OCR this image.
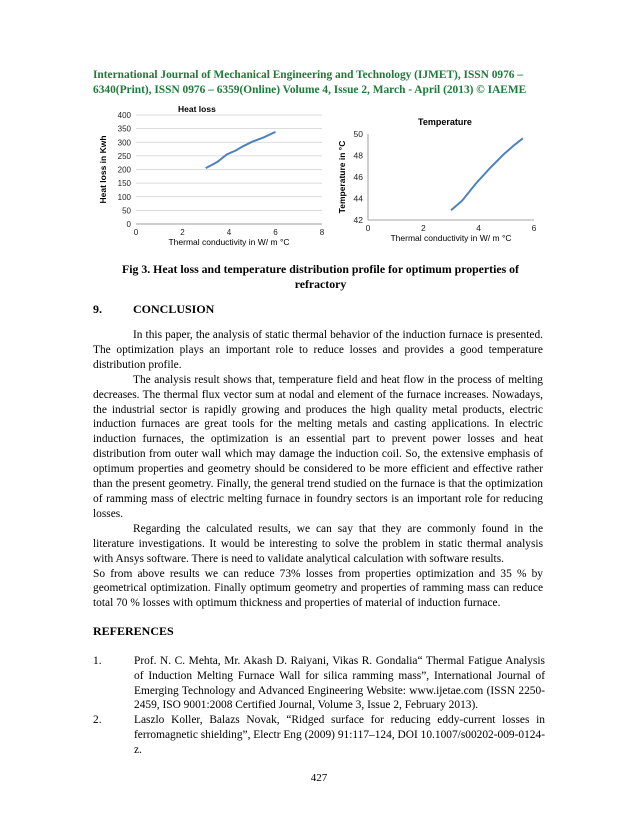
International Journal of Mechanical Engineering and Technology (IJMET), ISSN 0976 –
6340(Print), ISSN 0976 – 6359(Online) Volume 4, Issue 2, March - April (2013) © IAEME
Heat loss
0
50
100
150
200
250
300
350
400
0	2	4	6	8
Thermal conductivity in W/ m °C
Heat loss in Kwh
Temperature
42
44
46
48
50
0	2	4	6
Thermal conductivity in W/ m °C
Temperature in °C
Fig 3. Heat loss and temperature distribution profile for optimum properties of
refractory
9.	CONCLUSION

In this paper, the analysis of static thermal behavior of the induction furnace is presented. The optimization plays an important role to reduce losses and provides a good temperature distribution profile.

The analysis result shows that, temperature field and heat flow in the process of melting decreases. The thermal flux vector sum at nodal and element of the furnace increases. Nowadays, the industrial sector is rapidly growing and produces the high quality metal products, electric induction furnaces are great tools for the melting metals and casting applications. In electric induction furnaces, the optimization is an essential part to prevent power losses and heat distribution from outer wall which may damage the induction coil. So, the extensive emphasis of optimum properties and geometry should be considered to be more efficient and effective rather than the present geometry. Finally, the general trend studied on the furnace is that the optimization of ramming mass of electric melting furnace in foundry sectors is an important role for reducing losses.

Regarding the calculated results, we can say that they are commonly found in the literature investigations. It would be interesting to solve the problem in static thermal analysis with Ansys software. There is need to validate analytical calculation with software results.

So from above results we can reduce 73% losses from properties optimization and 35 % by geometrical optimization. Finally optimum geometry and properties of ramming mass can reduce total 70 % losses with optimum thickness and properties of material of induction furnace.

REFERENCES
1.	Prof. N. C. Mehta, Mr. Akash D. Raiyani, Vikas R. Gondalia“ Thermal Fatigue Analysis of Induction Melting Furnace Wall for silica ramming mass”, International Journal of Emerging Technology and Advanced Engineering Website: www.ijetae.com (ISSN 2250-2459, ISO 9001:2008 Certified Journal, Volume 3, Issue 2, February 2013).
2.	Laszlo Koller, Balazs Novak, “Ridged surface for reducing eddy-current losses in ferromagnetic shielding”, Electr Eng (2009) 91:117–124, DOI 10.1007/s00202-009-0124-z.
427
